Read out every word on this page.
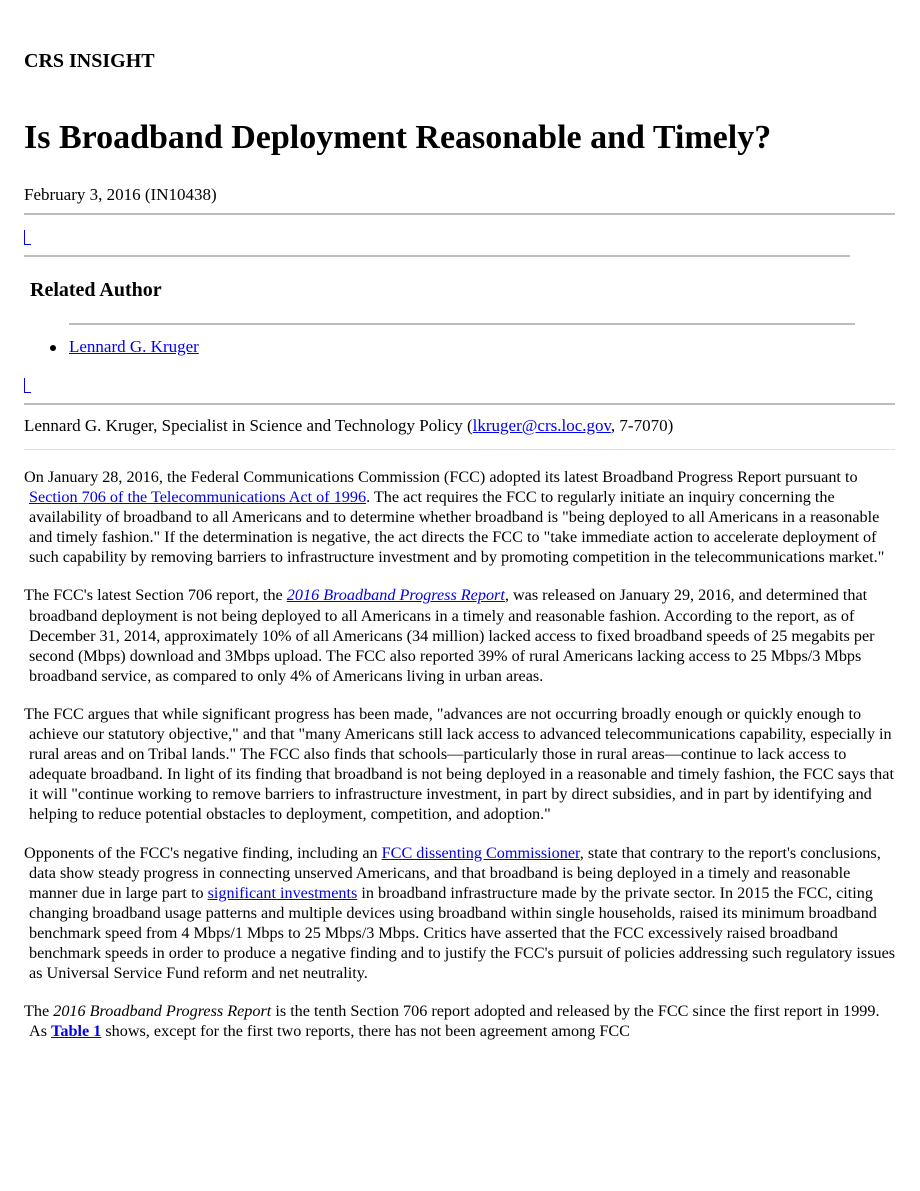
CRS INSIGHT
Is Broadband Deployment Reasonable and Timely?

February 3, 2016 (IN10438)

Related Author
Lennard G. Kruger

Lennard G. Kruger, Specialist in Science and Technology Policy (lkruger@crs.loc.gov, 7-7070)

On January 28, 2016, the Federal Communications Commission (FCC) adopted its latest Broadband Progress Report pursuant to Section 706 of the Telecommunications Act of 1996. The act requires the FCC to regularly initiate an inquiry concerning the availability of broadband to all Americans and to determine whether broadband is "being deployed to all Americans in a reasonable and timely fashion." If the determination is negative, the act directs the FCC to "take immediate action to accelerate deployment of such capability by removing barriers to infrastructure investment and by promoting competition in the telecommunications market."

The FCC's latest Section 706 report, the 2016 Broadband Progress Report, was released on January 29, 2016, and determined that broadband deployment is not being deployed to all Americans in a timely and reasonable fashion. According to the report, as of December 31, 2014, approximately 10% of all Americans (34 million) lacked access to fixed broadband speeds of 25 megabits per second (Mbps) download and 3Mbps upload. The FCC also reported 39% of rural Americans lacking access to 25 Mbps/3 Mbps broadband service, as compared to only 4% of Americans living in urban areas.

The FCC argues that while significant progress has been made, "advances are not occurring broadly enough or quickly enough to achieve our statutory objective," and that "many Americans still lack access to advanced telecommunications capability, especially in rural areas and on Tribal lands." The FCC also finds that schools—particularly those in rural areas—continue to lack access to adequate broadband. In light of its finding that broadband is not being deployed in a reasonable and timely fashion, the FCC says that it will "continue working to remove barriers to infrastructure investment, in part by direct subsidies, and in part by identifying and helping to reduce potential obstacles to deployment, competition, and adoption."

Opponents of the FCC's negative finding, including an FCC dissenting Commissioner, state that contrary to the report's conclusions, data show steady progress in connecting unserved Americans, and that broadband is being deployed in a timely and reasonable manner due in large part to significant investments in broadband infrastructure made by the private sector. In 2015 the FCC, citing changing broadband usage patterns and multiple devices using broadband within single households, raised its minimum broadband benchmark speed from 4 Mbps/1 Mbps to 25 Mbps/3 Mbps. Critics have asserted that the FCC excessively raised broadband benchmark speeds in order to produce a negative finding and to justify the FCC's pursuit of policies addressing such regulatory issues as Universal Service Fund reform and net neutrality.

The 2016 Broadband Progress Report is the tenth Section 706 report adopted and released by the FCC since the first report in 1999. As Table 1 shows, except for the first two reports, there has not been agreement among FCC
